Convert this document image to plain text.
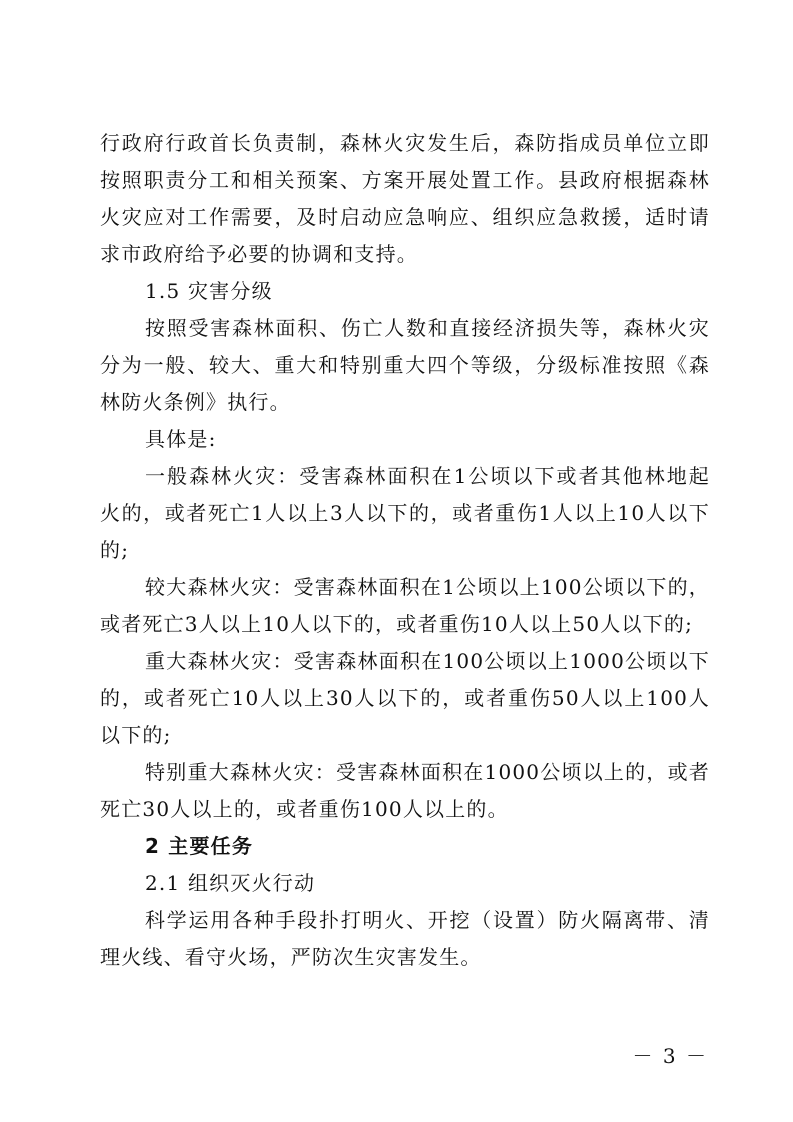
行政府行政首长负责制，森林火灾发生后，森防指成员单位立即按照职责分工和相关预案、方案开展处置工作。县政府根据森林火灾应对工作需要，及时启动应急响应、组织应急救援，适时请求市政府给予必要的协调和支持。

1.5 灾害分级

按照受害森林面积、伤亡人数和直接经济损失等，森林火灾分为一般、较大、重大和特别重大四个等级，分级标准按照《森林防火条例》执行。

具体是:

一般森林火灾：受害森林面积在1公顷以下或者其他林地起火的，或者死亡1人以上3人以下的，或者重伤1人以上10人以下的;

较大森林火灾：受害森林面积在1公顷以上100公顷以下的，或者死亡3人以上10人以下的，或者重伤10人以上50人以下的;

重大森林火灾：受害森林面积在100公顷以上1000公顷以下的，或者死亡10人以上30人以下的，或者重伤50人以上100人以下的;

特别重大森林火灾：受害森林面积在1000公顷以上的，或者死亡30人以上的，或者重伤100人以上的。

2 主要任务

2.1 组织灭火行动

科学运用各种手段扑打明火、开挖（设置）防火隔离带、清理火线、看守火场，严防次生灾害发生。

－ 3 －
